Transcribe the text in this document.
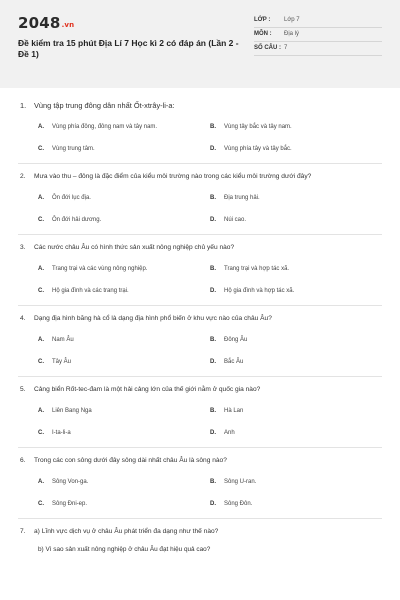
2048.vn
Đề kiểm tra 15 phút Địa Lí 7 Học kì 2 có đáp án (Lần 2 - Đề 1)
LỚP :	Lớp 7
MÔN :	Địa lý
SỐ CÂU : 7
1.	Vùng tập trung đông dân nhất Ốt-xtrây-li-a:
A.	Vùng phía đông, đông nam và tây nam.	B.	Vùng tây bắc và tây nam.
C.	Vùng trung tâm.	D.	Vùng phía tây và tây bắc.
2.	Mưa vào thu – đông là đặc điểm của kiểu môi trường nào trong các kiểu môi trường dưới đây?
A.	Ôn đới lục địa.	B.	Địa trung hải.
C.	Ôn đới hải dương.	D.	Núi cao.
3.	Các nước châu Âu có hình thức sản xuất nông nghiệp chủ yếu nào?
A.	Trang trại và các vùng nông nghiệp.	B.	Trang trại và hợp tác xã.
C.	Hộ gia đình và các trang trại.	D.	Hộ gia đình và hợp tác xã.
4.	Dạng địa hình băng hà cổ là dạng địa hình phổ biến ở khu vực nào của châu Âu?
A.	Nam Âu	B.	Đông Âu
C.	Tây Âu	D.	Bắc Âu
5.	Cảng biển Rốt-tec-đam là một hải cảng lớn của thế giới nằm ở quốc gia nào?
A.	Liên Bang Nga	B.	Hà Lan
C.	I-ta-li-a	D.	Anh
6.	Trong các con sông dưới đây sông dài nhất châu Âu là sông nào?
A.	Sông Von-ga.	B.	Sông U-ran.
C.	Sông Đni-ep.	D.	Sông Đôn.
7.	a) Lĩnh vực dịch vụ ở châu Âu phát triển đa dạng như thế nào?
b) Vì sao sản xuất nông nghiệp ở châu Âu đạt hiệu quả cao?
